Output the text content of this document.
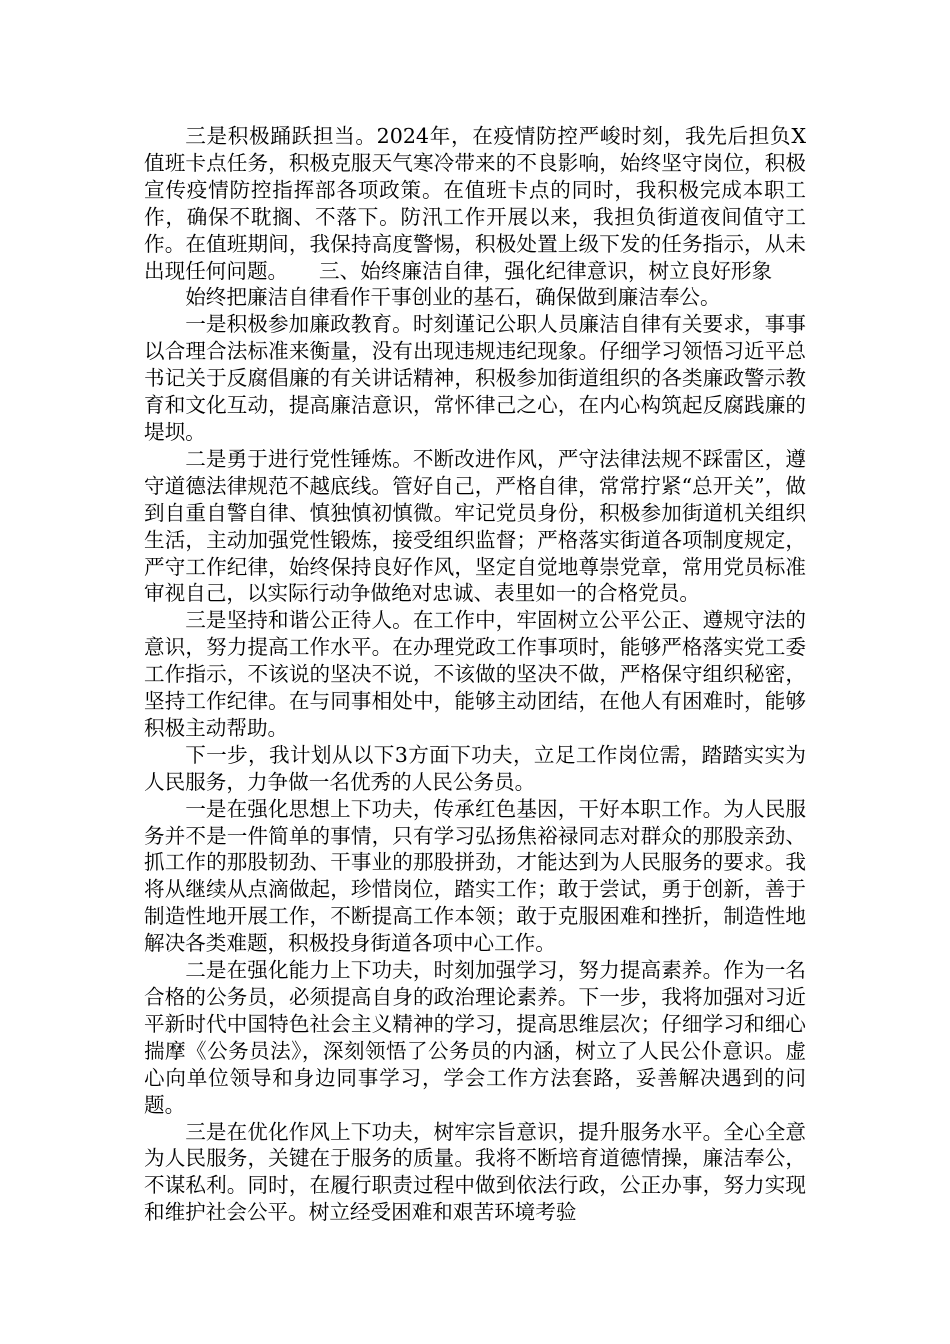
三是积极踊跃担当。2024年，在疫情防控严峻时刻，我先后担负X值班卡点任务，积极克服天气寒冷带来的不良影响，始终坚守岗位，积极宣传疫情防控指挥部各项政策。在值班卡点的同时，我积极完成本职工作，确保不耽搁、不落下。防汛工作开展以来，我担负街道夜间值守工作。在值班期间，我保持高度警惕，积极处置上级下发的任务指示，从未出现任何问题。　　三、始终廉洁自律，强化纪律意识，树立良好形象

始终把廉洁自律看作干事创业的基石，确保做到廉洁奉公。

一是积极参加廉政教育。时刻谨记公职人员廉洁自律有关要求，事事以合理合法标准来衡量，没有出现违规违纪现象。仔细学习领悟习近平总书记关于反腐倡廉的有关讲话精神，积极参加街道组织的各类廉政警示教育和文化互动，提高廉洁意识，常怀律己之心，在内心构筑起反腐践廉的堤坝。

二是勇于进行党性锤炼。不断改进作风，严守法律法规不踩雷区，遵守道德法律规范不越底线。管好自己，严格自律，常常拧紧“总开关”，做到自重自警自律、慎独慎初慎微。牢记党员身份，积极参加街道机关组织生活，主动加强党性锻炼，接受组织监督；严格落实街道各项制度规定，严守工作纪律，始终保持良好作风，坚定自觉地尊崇党章，常用党员标准审视自己，以实际行动争做绝对忠诚、表里如一的合格党员。

三是坚持和谐公正待人。在工作中，牢固树立公平公正、遵规守法的意识，努力提高工作水平。在办理党政工作事项时，能够严格落实党工委工作指示，不该说的坚决不说，不该做的坚决不做，严格保守组织秘密，坚持工作纪律。在与同事相处中，能够主动团结，在他人有困难时，能够积极主动帮助。

下一步，我计划从以下3方面下功夫，立足工作岗位需，踏踏实实为人民服务，力争做一名优秀的人民公务员。

一是在强化思想上下功夫，传承红色基因，干好本职工作。为人民服务并不是一件简单的事情，只有学习弘扬焦裕禄同志对群众的那股亲劲、抓工作的那股韧劲、干事业的那股拼劲，才能达到为人民服务的要求。我将从继续从点滴做起，珍惜岗位，踏实工作；敢于尝试，勇于创新，善于制造性地开展工作，不断提高工作本领；敢于克服困难和挫折，制造性地解决各类难题，积极投身街道各项中心工作。

二是在强化能力上下功夫，时刻加强学习，努力提高素养。作为一名合格的公务员，必须提高自身的政治理论素养。下一步，我将加强对习近平新时代中国特色社会主义精神的学习，提高思维层次；仔细学习和细心揣摩《公务员法》，深刻领悟了公务员的内涵，树立了人民公仆意识。虚心向单位领导和身边同事学习，学会工作方法套路，妥善解决遇到的问题。

三是在优化作风上下功夫，树牢宗旨意识，提升服务水平。全心全意为人民服务，关键在于服务的质量。我将不断培育道德情操，廉洁奉公，不谋私利。同时，在履行职责过程中做到依法行政，公正办事，努力实现和维护社会公平。树立经受困难和艰苦环境考验
